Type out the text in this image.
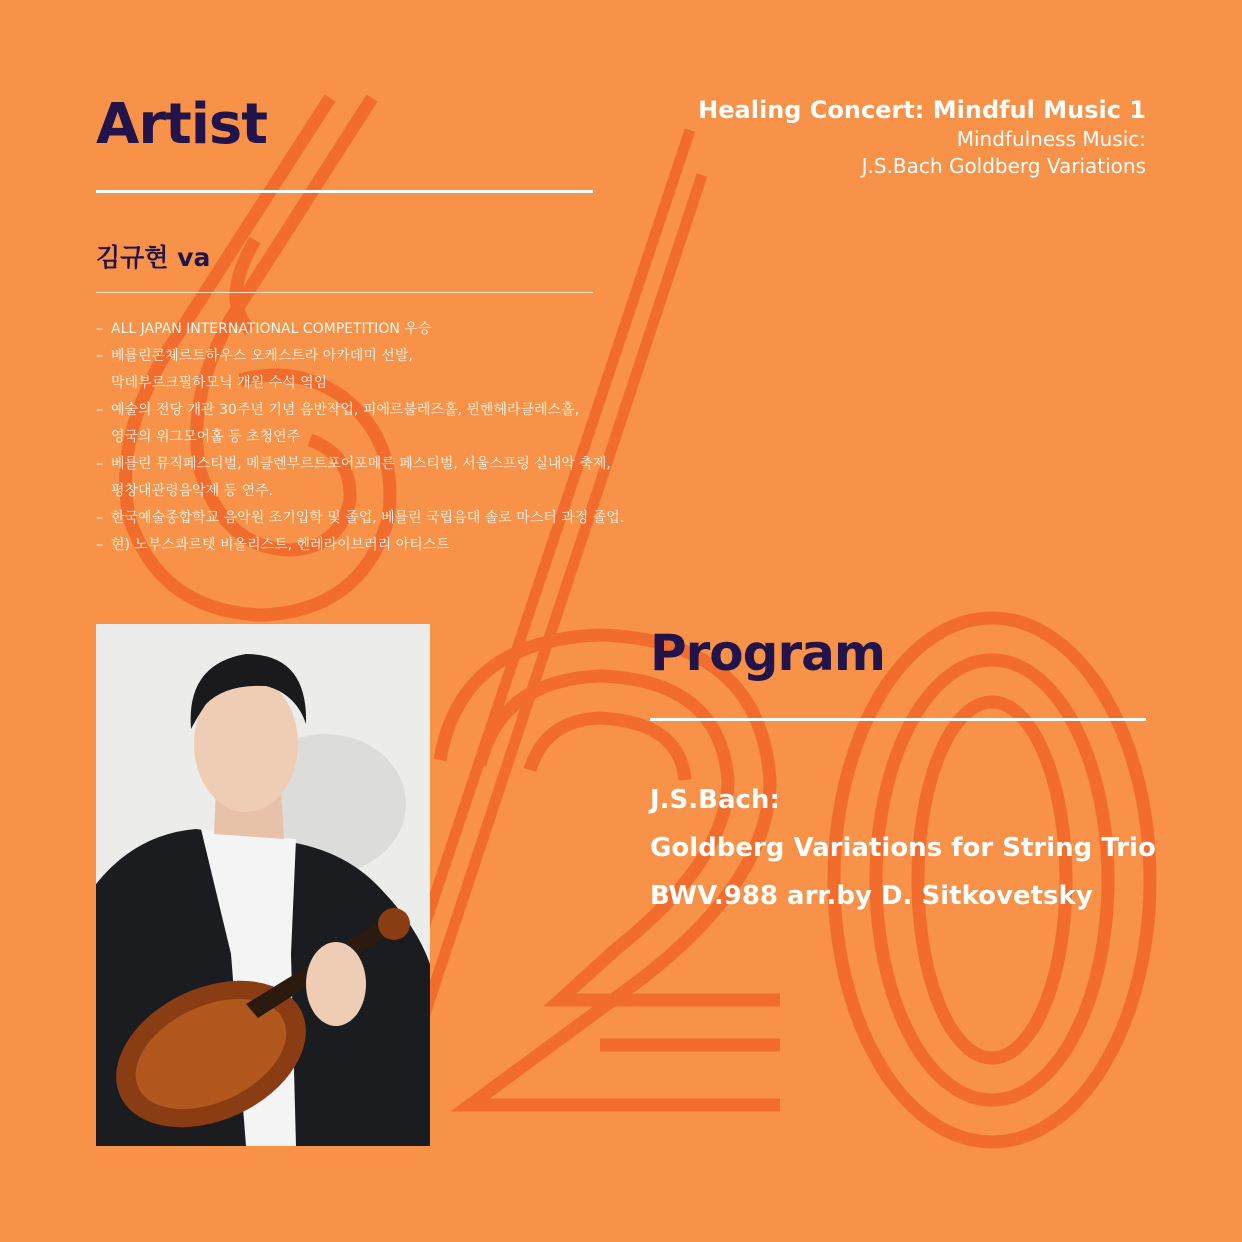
Artist
김규현 va
– ALL JAPAN INTERNATIONAL COMPETITION 우승
– 베를린콘체르트하우스 오케스트라 아카데미 선발,
막데부르크필하모닉 개원 수석 역임
– 예술의 전당 개관 30주년 기념 음반작업, 피에르불레즈홀, 뮌헨헤라클레스홀,
영국의 위그모어홀 등 초청연주
– 베를린 뮤직페스티벌, 메클렌부르트포어포메른 페스티벌, 서울스프링 실내악 축제,
평창대관령음악제 등 연주.
– 한국예술종합학교 음악원 조기입학 및 졸업, 베를린 국립음대 솔로 마스터 과정 졸업.
– 현) 노부스콰르텟 비올리스트, 헨레라이브러리 아티스트
Healing Concert: Mindful Music 1
Mindfulness Music:
J.S.Bach Goldberg Variations
Program
J.S.Bach:
Goldberg Variations for String Trio
BWV.988 arr.by D. Sitkovetsky
